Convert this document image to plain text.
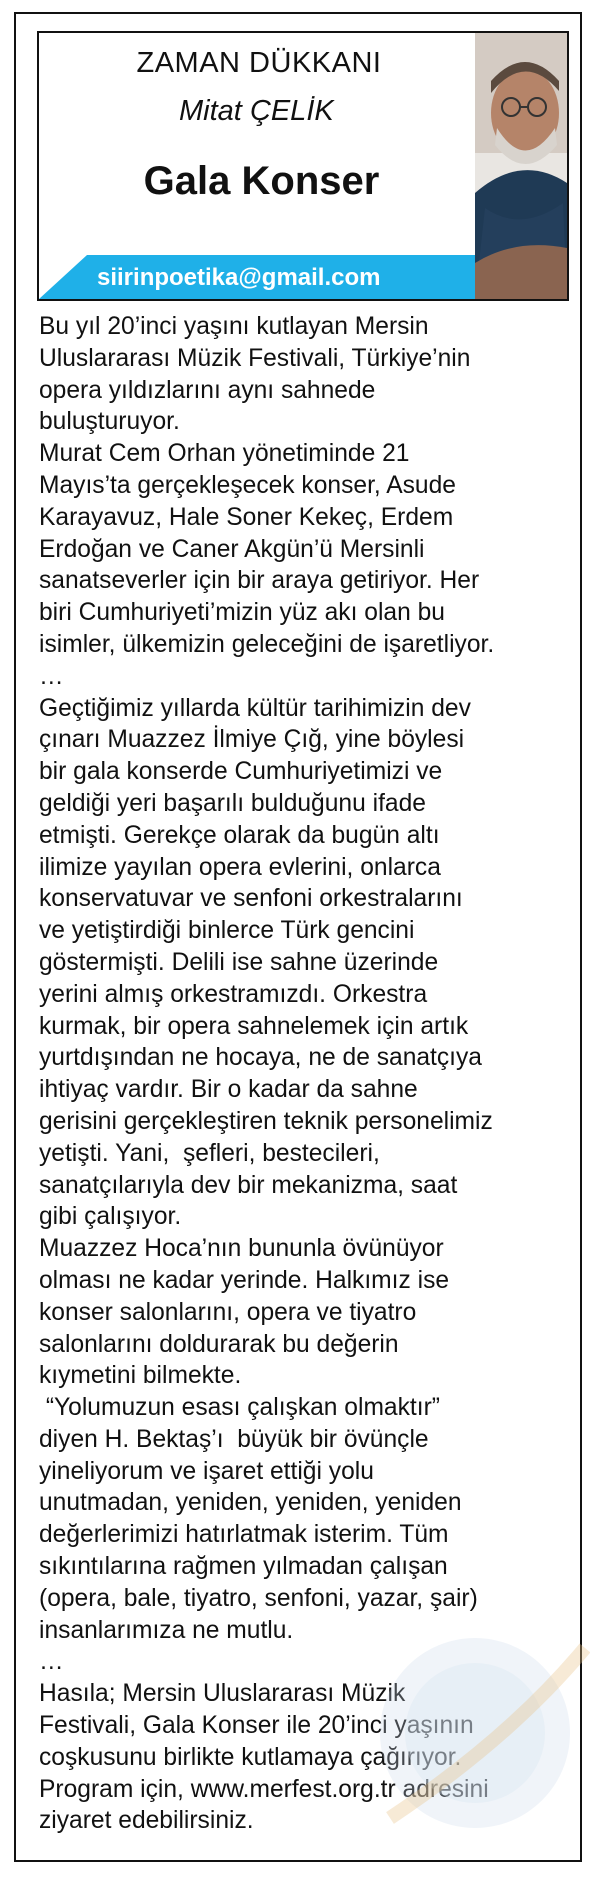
ZAMAN DÜKKANI
Mitat ÇELİK
Gala Konser
siirinpoetika@gmail.com
Bu yıl 20’inci yaşını kutlayan Mersin
Uluslararası Müzik Festivali, Türkiye’nin
opera yıldızlarını aynı sahnede
buluşturuyor.
Murat Cem Orhan yönetiminde 21
Mayıs’ta gerçekleşecek konser, Asude
Karayavuz, Hale Soner Kekeç, Erdem
Erdoğan ve Caner Akgün’ü Mersinli
sanatseverler için bir araya getiriyor. Her
biri Cumhuriyeti’mizin yüz akı olan bu
isimler, ülkemizin geleceğini de işaretliyor.
…
Geçtiğimiz yıllarda kültür tarihimizin dev
çınarı Muazzez İlmiye Çığ, yine böylesi
bir gala konserde Cumhuriyetimizi ve
geldiği yeri başarılı bulduğunu ifade
etmişti. Gerekçe olarak da bugün altı
ilimize yayılan opera evlerini, onlarca
konservatuvar ve senfoni orkestralarını
ve yetiştirdiği binlerce Türk gencini
göstermişti. Delili ise sahne üzerinde
yerini almış orkestramızdı. Orkestra
kurmak, bir opera sahnelemek için artık
yurtdışından ne hocaya, ne de sanatçıya
ihtiyaç vardır. Bir o kadar da sahne
gerisini gerçekleştiren teknik personelimiz
yetişti. Yani,  şefleri, bestecileri,
sanatçılarıyla dev bir mekanizma, saat
gibi çalışıyor.
Muazzez Hoca’nın bununla övünüyor
olması ne kadar yerinde. Halkımız ise
konser salonlarını, opera ve tiyatro
salonlarını doldurarak bu değerin
kıymetini bilmekte.
“Yolumuzun esası çalışkan olmaktır”
diyen H. Bektaş’ı  büyük bir övünçle
yineliyorum ve işaret ettiği yolu
unutmadan, yeniden, yeniden, yeniden
değerlerimizi hatırlatmak isterim. Tüm
sıkıntılarına rağmen yılmadan çalışan
(opera, bale, tiyatro, senfoni, yazar, şair)
insanlarımıza ne mutlu.
…
Hasıla; Mersin Uluslararası Müzik
Festivali, Gala Konser ile 20’inci yaşının
coşkusunu birlikte kutlamaya çağırıyor.
Program için, www.merfest.org.tr adresini
ziyaret edebilirsiniz.
